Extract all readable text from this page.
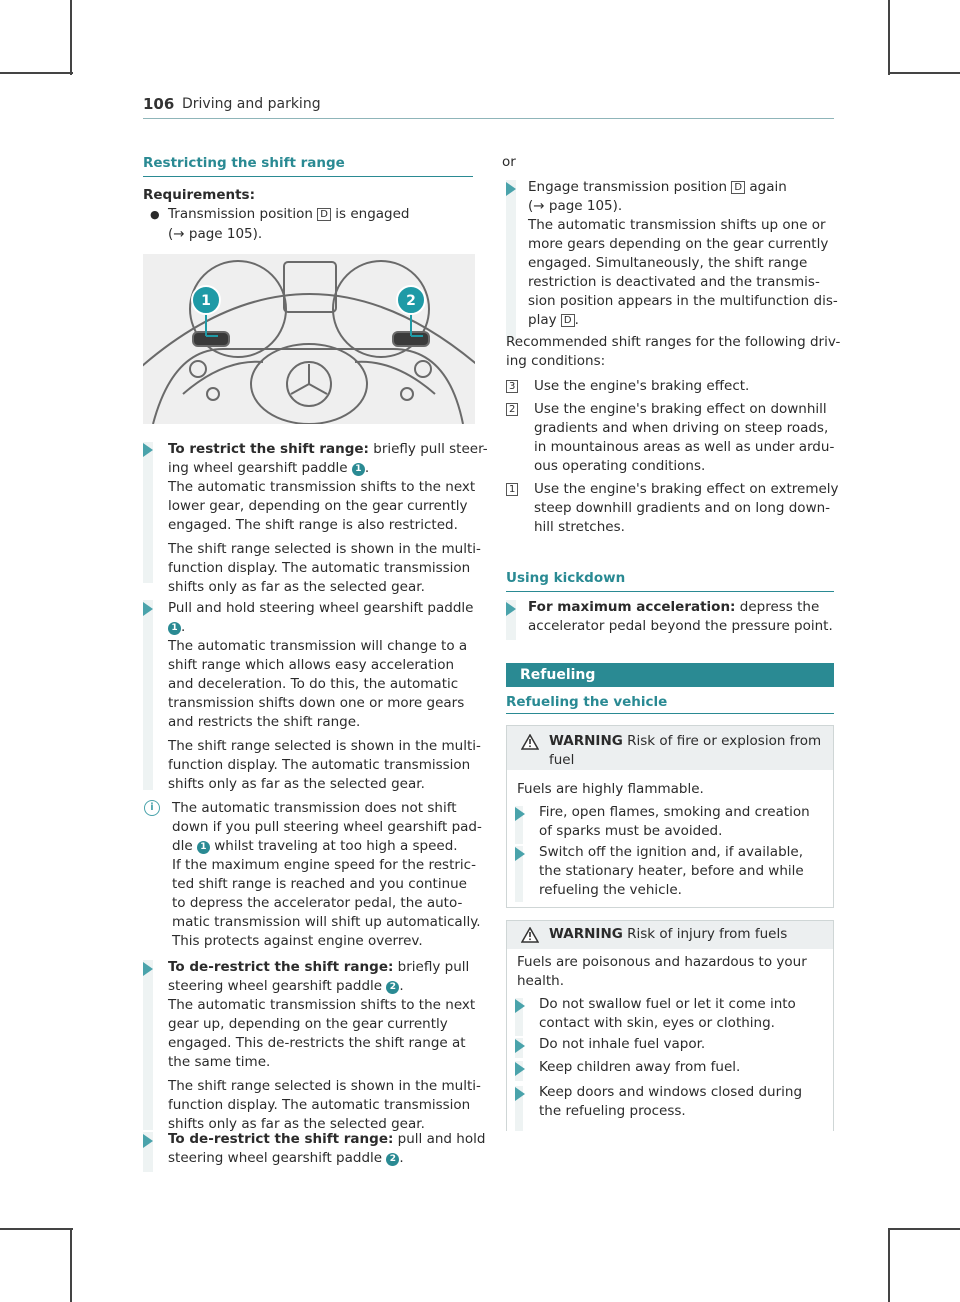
106 Driving and parking
Restricting the shift range
Requirements:
● Transmission position D is engaged
(→ page 105).
1	2
To restrict the shift range: briefly pull steer-
ing wheel gearshift paddle 1 .
The automatic transmission shifts to the next
lower gear, depending on the gear currently
engaged. The shift range is also restricted.
The shift range selected is shown in the multi-
function display. The automatic transmission
shifts only as far as the selected gear.
Pull and hold steering wheel gearshift paddle
1 .
The automatic transmission will change to a
shift range which allows easy acceleration
and deceleration. To do this, the automatic
transmission shifts down one or more gears
and restricts the shift range.
The shift range selected is shown in the multi-
function display. The automatic transmission
shifts only as far as the selected gear.
i	The automatic transmission does not shift
down if you pull steering wheel gearshift pad-
dle 1 whilst traveling at too high a speed.
If the maximum engine speed for the restric-
ted shift range is reached and you continue
to depress the accelerator pedal, the auto-
matic transmission will shift up automatically.
This protects against engine overrev.
To de-restrict the shift range: briefly pull
steering wheel gearshift paddle 2 .
The automatic transmission shifts to the next
gear up, depending on the gear currently
engaged. This de-restricts the shift range at
the same time.
The shift range selected is shown in the multi-
function display. The automatic transmission
shifts only as far as the selected gear.
To de-restrict the shift range: pull and hold
steering wheel gearshift paddle 2 .
or
Engage transmission position D again
(→ page 105).
The automatic transmission shifts up one or
more gears depending on the gear currently
engaged. Simultaneously, the shift range
restriction is deactivated and the transmis-
sion position appears in the multifunction dis-
play D .
Recommended shift ranges for the following driv-
ing conditions:
3 Use the engine's braking effect.
2 Use the engine's braking effect on downhill
gradients and when driving on steep roads,
in mountainous areas as well as under ardu-
ous operating conditions.
1 Use the engine's braking effect on extremely
steep downhill gradients and on long down-
hill stretches.
Using kickdown
For maximum acceleration: depress the
accelerator pedal beyond the pressure point.
Refueling
Refueling the vehicle
WARNING Risk of fire or explosion from
fuel
Fuels are highly flammable.
Fire, open flames, smoking and creation
of sparks must be avoided.
Switch off the ignition and, if available,
the stationary heater, before and while
refueling the vehicle.
WARNING Risk of injury from fuels
Fuels are poisonous and hazardous to your
health.
Do not swallow fuel or let it come into
contact with skin, eyes or clothing.
Do not inhale fuel vapor.
Keep children away from fuel.
Keep doors and windows closed during
the refueling process.
